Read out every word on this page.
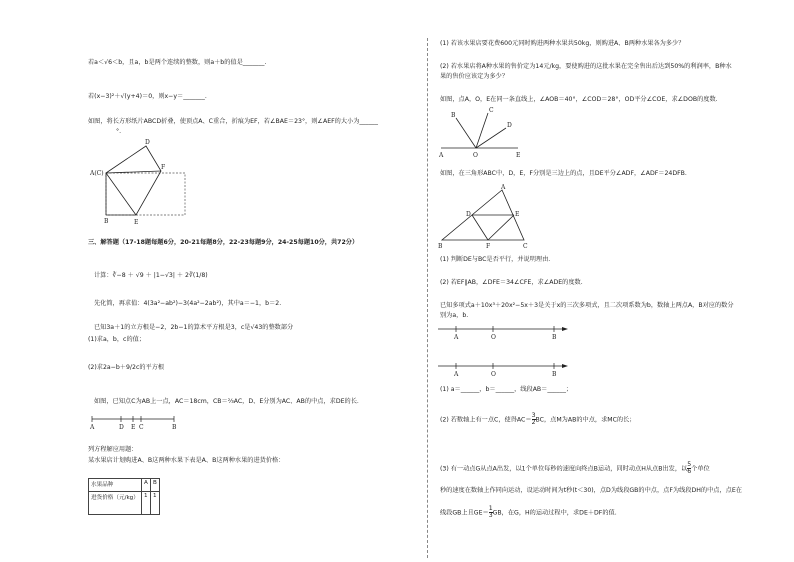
若a＜√6＜b，且a，b是两个连续的整数，则a＋b的值是_______.
若(x−3)²＋√(y+4)＝0，则x−y＝_______.
如图，将长方形纸片ABCD折叠，使顶点A、C重合，折痕为EF，若∠BAE＝23°，则∠AEF的大小为______
°.
A(C)
D
F
B	E
三、解答题（17-18题每题6分，20-21每题8分，22-23每题9分，24-25每题10分，共72分）
计算：∛−8 ＋ √9 ＋ |1−√3| ＋ 2∛(1/8)
先化简，再求值：4(3a²−ab²)−3(4a²−2ab²)，其中a＝−1，b＝2.
已知3a＋1的立方根是−2，2b−1的算术平方根是3，c是√43的整数部分
(1)求a，b，c的值；
(2)求2a−b＋9/2c的平方根
如图，已知点C为AB上一点，AC＝18cm，CB＝⅔AC，D、E分别为AC、AB的中点，求DE的长．
A	D E C	B
列方程解应用题：
某水果店计划购进A、B这两种水果下表是A、B这两种水果的进货价格：
水果品种	A	B
进货价格（元/kg）	1	1
(1) 若该水果店要花费600元同时购进两种水果共50kg，则购进A、B两种水果各为多少？
(2) 若水果店将A种水果的售价定为14元/kg，要使购进的这批水果在完全售出后达到50%的利润率，B种水
果的售价应该定为多少？
如图，点A，O，E在同一条直线上，∠AOB＝40°，∠COD＝28°，OD平分∠COE，求∠DOB的度数.
A	O	E
B
C
D
如图，在三角形ABC中，D，E，F分别是三边上的点，且DE平分∠ADF，∠ADF＝24DFB.
A
B	C
D	E
F
(1) 判断DE与BC是否平行，并说明理由.
(2) 若EF∥AB，∠DFE＝34∠CFE，求∠ADE的度数.
已知多项式a＋10x³＋20x²−5x＋3是关于x的三次多项式，且二次项系数为b，数轴上两点A，B对应的数分
别为a，b.
A	O	B
A	O	B
(1) a＝______，b＝______，线段AB＝______；
(2) 若数轴上有一点C，使得$AC= \frac{3}{2}BC$，点M为AB的中点，求MC的长；
(3) 有一动点G从点A出发，以1个单位每秒的速度向终点B运动，同时动点H从点B出发，以 $\frac{5}{6}$个单位
秒的速度在数轴上作同向运动，设运动时间为t秒(t＜30)，点D为线段GB的中点，点F为线段DH的中点，点E在
线段GB上且$GE= \frac{1}{3}GB$，在G，H的运动过程中，求DE＋DF的值.
